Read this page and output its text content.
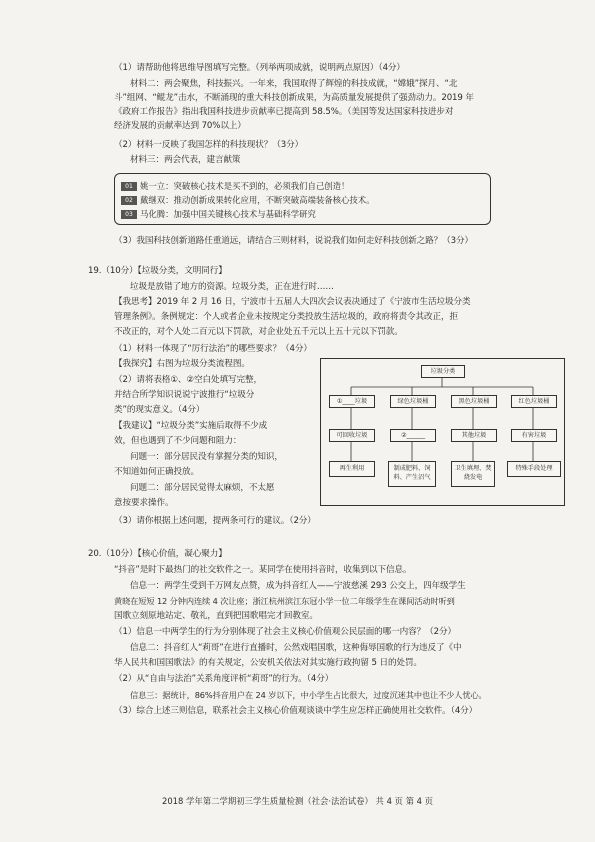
（1）请帮助他将思维导图填写完整。（列举两项成就，说明两点原因）（4分）
材料二：两会聚焦，科技振兴。一年来，我国取得了辉煌的科技成就，“嫦娥”探月、“北
斗”组网、“鲲龙”击水，不断涌现的重大科技创新成果，为高质量发展提供了强劲动力。2019 年
《政府工作报告》指出我国科技进步贡献率已提高到 58.5%。（美国等发达国家科技进步对
经济发展的贡献率达到 70%以上）
（2）材料一反映了我国怎样的科技现状？（3分）
材料三：两会代表，建言献策
01 姚一立：突破核心技术是买不到的，必须我们自己创造！
02 戴继双：推动创新成果转化应用，不断突破高端装备核心技术。
03 马化腾：加强中国关键核心技术与基础科学研究
（3）我国科技创新道路任重道远，请结合三则材料，说说我们如何走好科技创新之路？（3分）
19.（10分）【垃圾分类，文明同行】
垃圾是放错了地方的资源。垃圾分类，正在进行时……
【我思考】2019 年 2 月 16 日，宁波市十五届人大四次会议表决通过了《宁波市生活垃圾分类
管理条例》。条例规定：个人或者企业未按规定分类投放生活垃圾的，政府将责令其改正，拒
不改正的，对个人处二百元以下罚款，对企业处五千元以上五十元以下罚款。
（1）材料一体现了“厉行法治”的哪些要求？（4分）
【我探究】右图为垃圾分类流程图。
（2）请将表格①、②空白处填写完整，
并结合所学知识说说宁波推行“垃圾分
类”的现实意义。（4分）
【我建议】“垃圾分类”实施后取得不少成
效，但也遇到了不少问题和阻力：
问题一：部分居民没有掌握分类的知识，
不知道如何正确投放。
问题二：部分居民觉得太麻烦，不太愿
意按要求操作。
（3）请你根据上述问题，提两条可行的建议。（2分）
垃圾分类
①____垃圾	绿色垃圾桶	黑色垃圾桶	红色垃圾桶
可回收垃圾	②______	其他垃圾	有害垃圾
再生利用	制成肥料、饲料、产生沼气
卫生填埋、焚烧发电
特殊手段处理
20.（10分）【核心价值，凝心聚力】
“抖音”是时下最热门的社交软件之一。某同学在使用抖音时，收集到以下信息。
信息一：两学生受到千万网友点赞，成为抖音红人——宁波慈溪 293 公交上，四年级学生
黄晓在短短 12 分钟内连续 4 次让座；浙江杭州滨江东冠小学一位二年级学生在课间活动时听到
国歌立刻原地站定、敬礼，直到把国歌唱完才回教室。
（1）信息一中两学生的行为分别体现了社会主义核心价值观公民层面的哪一内容？（2分）
信息二：抖音红人“莉哥”在进行直播时，公然戏唱国歌，这种侮辱国歌的行为违反了《中
华人民共和国国歌法》的有关规定，公安机关依法对其实施行政拘留 5 日的处罚。
（2）从“自由与法治”关系角度评析“莉哥”的行为。（4分）
信息三：据统计，86%抖音用户在 24 岁以下，中小学生占比很大，过度沉迷其中也让不少人忧心。
（3）综合上述三则信息，联系社会主义核心价值观谈谈中学生应怎样正确使用社交软件。（4分）
2018 学年第二学期初三学生质量检测（社会·法治试卷） 共 4 页 第 4 页
